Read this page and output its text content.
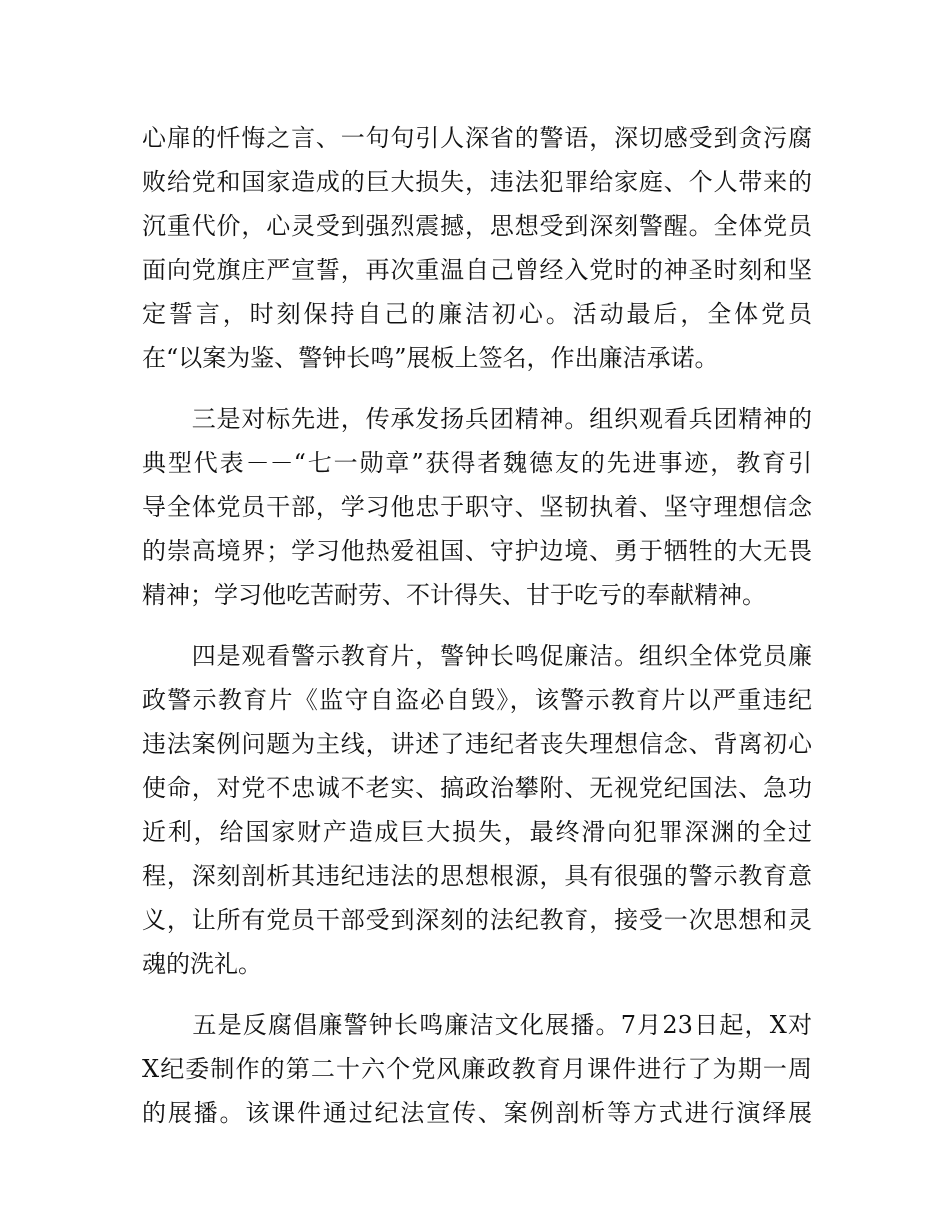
心扉的忏悔之言、一句句引人深省的警语，深切感受到贪污腐
败给党和国家造成的巨大损失，违法犯罪给家庭、个人带来的
沉重代价，心灵受到强烈震撼，思想受到深刻警醒。全体党员
面向党旗庄严宣誓，再次重温自己曾经入党时的神圣时刻和坚
定誓言，时刻保持自己的廉洁初心。活动最后，全体党员
在“以案为鉴、警钟长鸣”展板上签名，作出廉洁承诺。
　　三是对标先进，传承发扬兵团精神。组织观看兵团精神的
典型代表－－“七一勋章”获得者魏德友的先进事迹，教育引
导全体党员干部，学习他忠于职守、坚韧执着、坚守理想信念
的崇高境界；学习他热爱祖国、守护边境、勇于牺牲的大无畏
精神；学习他吃苦耐劳、不计得失、甘于吃亏的奉献精神。
　　四是观看警示教育片，警钟长鸣促廉洁。组织全体党员廉
政警示教育片《监守自盗必自毁》，该警示教育片以严重违纪
违法案例问题为主线，讲述了违纪者丧失理想信念、背离初心
使命，对党不忠诚不老实、搞政治攀附、无视党纪国法、急功
近利，给国家财产造成巨大损失，最终滑向犯罪深渊的全过
程，深刻剖析其违纪违法的思想根源，具有很强的警示教育意
义，让所有党员干部受到深刻的法纪教育，接受一次思想和灵
魂的洗礼。
　　五是反腐倡廉警钟长鸣廉洁文化展播。7月23日起，X对
X纪委制作的第二十六个党风廉政教育月课件进行了为期一周
的展播。该课件通过纪法宣传、案例剖析等方式进行演绎展
